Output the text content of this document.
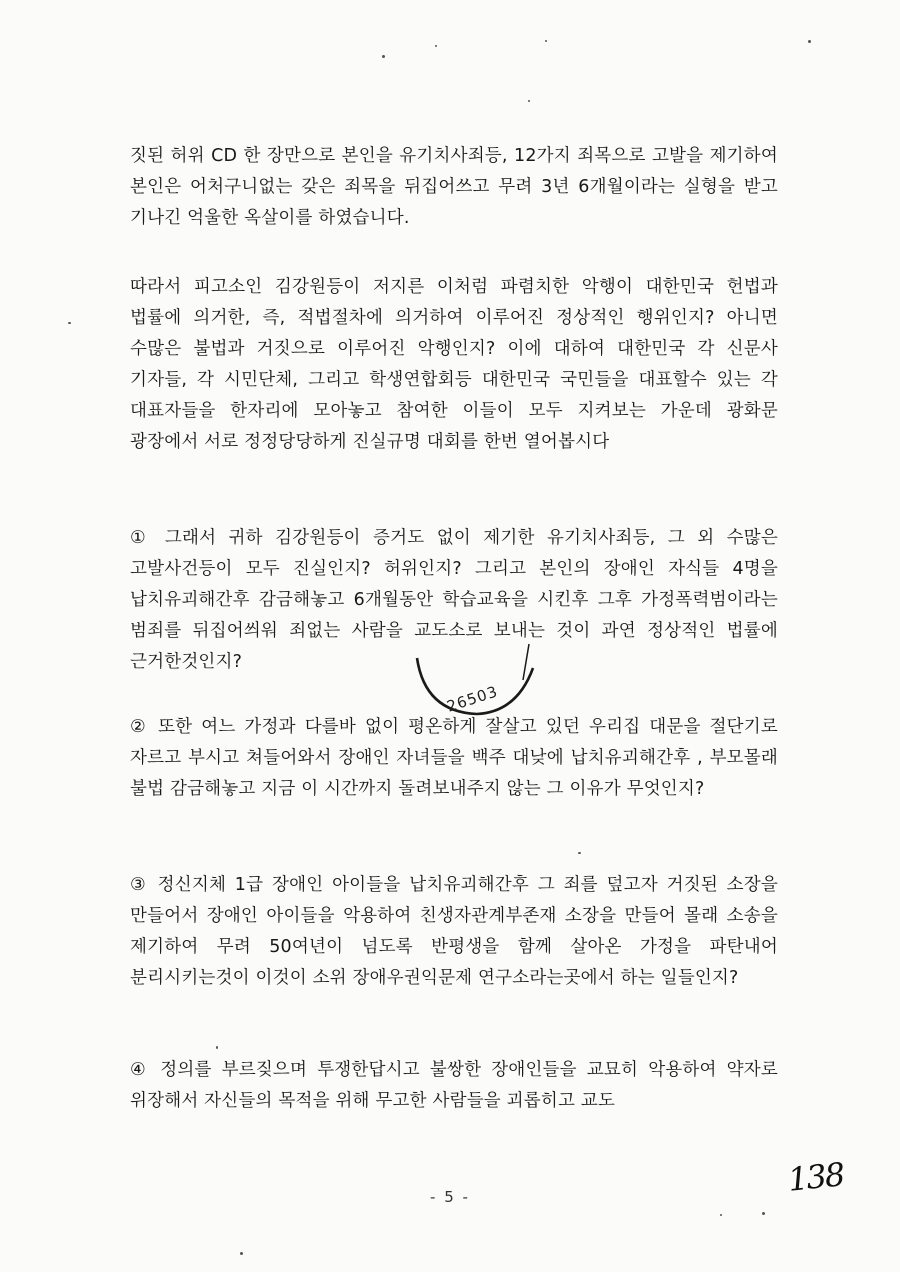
짓된 허위 CD 한 장만으로 본인을 유기치사죄등, 12가지 죄목으로 고발을 제기하여 본인은 어처구니없는 갖은 죄목을 뒤집어쓰고 무려 3년 6개월이라는 실형을 받고 기나긴 억울한 옥살이를 하였습니다.
따라서 피고소인 김강원등이 저지른 이처럼 파렴치한 악행이 대한민국 헌법과 법률에 의거한, 즉, 적법절차에 의거하여 이루어진 정상적인 행위인지? 아니면 수많은 불법과 거짓으로 이루어진 악행인지? 이에 대하여 대한민국 각 신문사 기자들, 각 시민단체, 그리고 학생연합회등 대한민국 국민들을 대표할수 있는 각 대표자들을 한자리에 모아놓고 참여한 이들이 모두 지켜보는 가운데 광화문 광장에서 서로 정정당당하게 진실규명 대회를 한번 열어봅시다
① 그래서 귀하 김강원등이 증거도 없이 제기한 유기치사죄등, 그 외 수많은 고발사건등이 모두 진실인지? 허위인지? 그리고 본인의 장애인 자식들 4명을 납치유괴해간후 감금해놓고 6개월동안 학습교육을 시킨후 그후 가정폭력범이라는 범죄를 뒤집어씌워 죄없는 사람을 교도소로 보내는 것이 과연 정상적인 법률에 근거한것인지?
② 또한 여느 가정과 다를바 없이 평온하게 잘살고 있던 우리집 대문을 절단기로 자르고 부시고 쳐들어와서 장애인 자녀들을 백주 대낮에 납치유괴해간후 , 부모몰래 불법 감금해놓고 지금 이 시간까지 돌려보내주지 않는 그 이유가 무엇인지?
③ 정신지체 1급 장애인 아이들을 납치유괴해간후 그 죄를 덮고자 거짓된 소장을 만들어서 장애인 아이들을 악용하여 친생자관계부존재 소장을 만들어 몰래 소송을 제기하여 무려 50여년이 넘도록 반평생을 함께 살아온 가정을 파탄내어 분리시키는것이 이것이 소위 장애우권익문제 연구소라는곳에서 하는 일들인지?
④ 정의를 부르짖으며 투쟁한답시고 불쌍한 장애인들을 교묘히 악용하여 약자로 위장해서 자신들의 목적을 위해 무고한 사람들을 괴롭히고 교도
26503
- 5 -	138
